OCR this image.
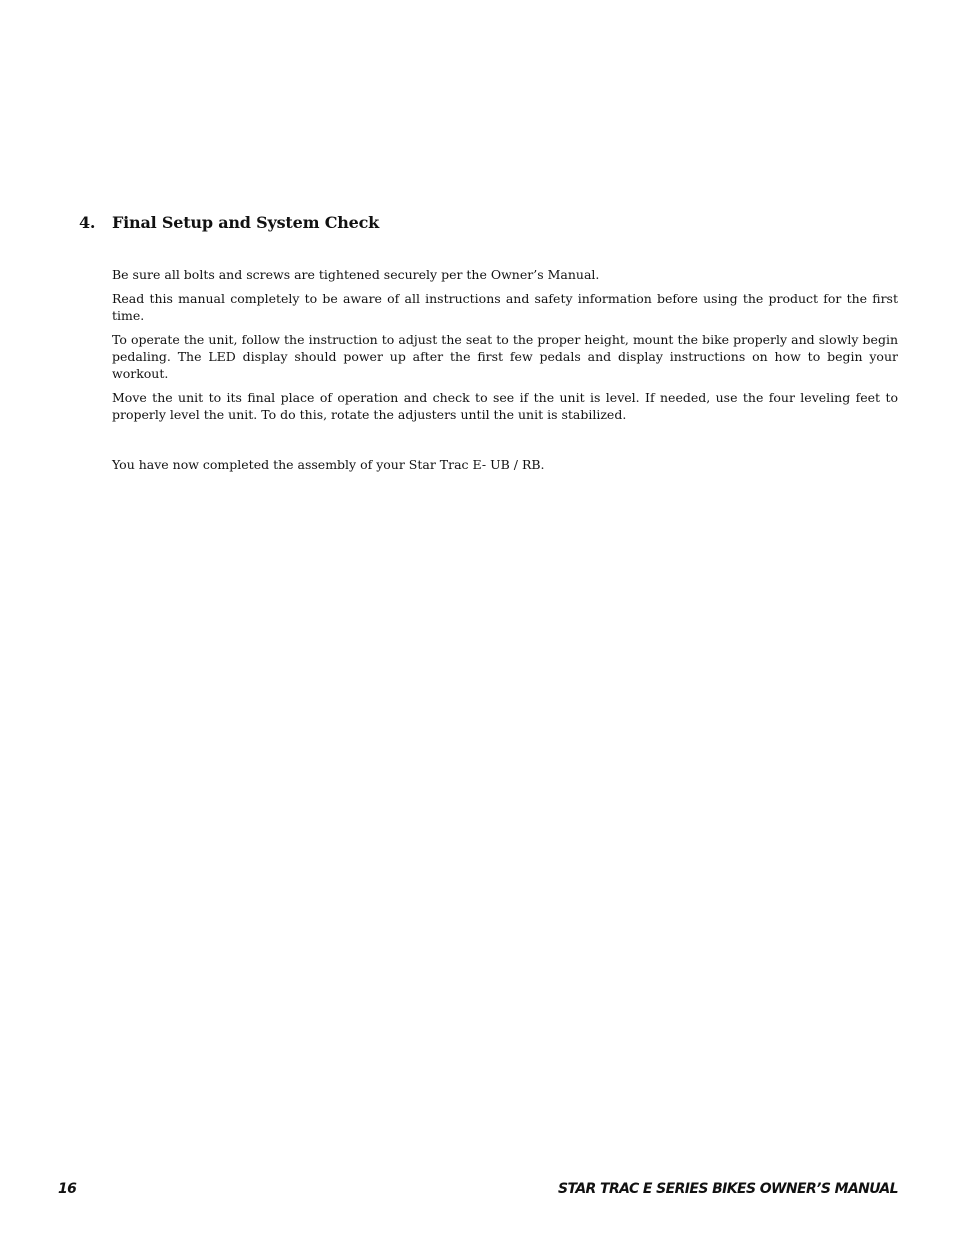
4. Final Setup and System Check

Be sure all bolts and screws are tightened securely per the Owner’s Manual.

Read this manual completely to be aware of all instructions and safety information before using the product for the first time.

To operate the unit, follow the instruction to adjust the seat to the proper height, mount the bike properly and slowly begin pedaling. The LED display should power up after the first few pedals and display instructions on how to begin your workout.

Move the unit to its final place of operation and check to see if the unit is level. If needed, use the four leveling feet to properly level the unit. To do this, rotate the adjusters until the unit is stabilized.

You have now completed the assembly of your Star Trac E- UB / RB.

16	STAR TRAC E SERIES BIKES OWNER’S MANUAL
